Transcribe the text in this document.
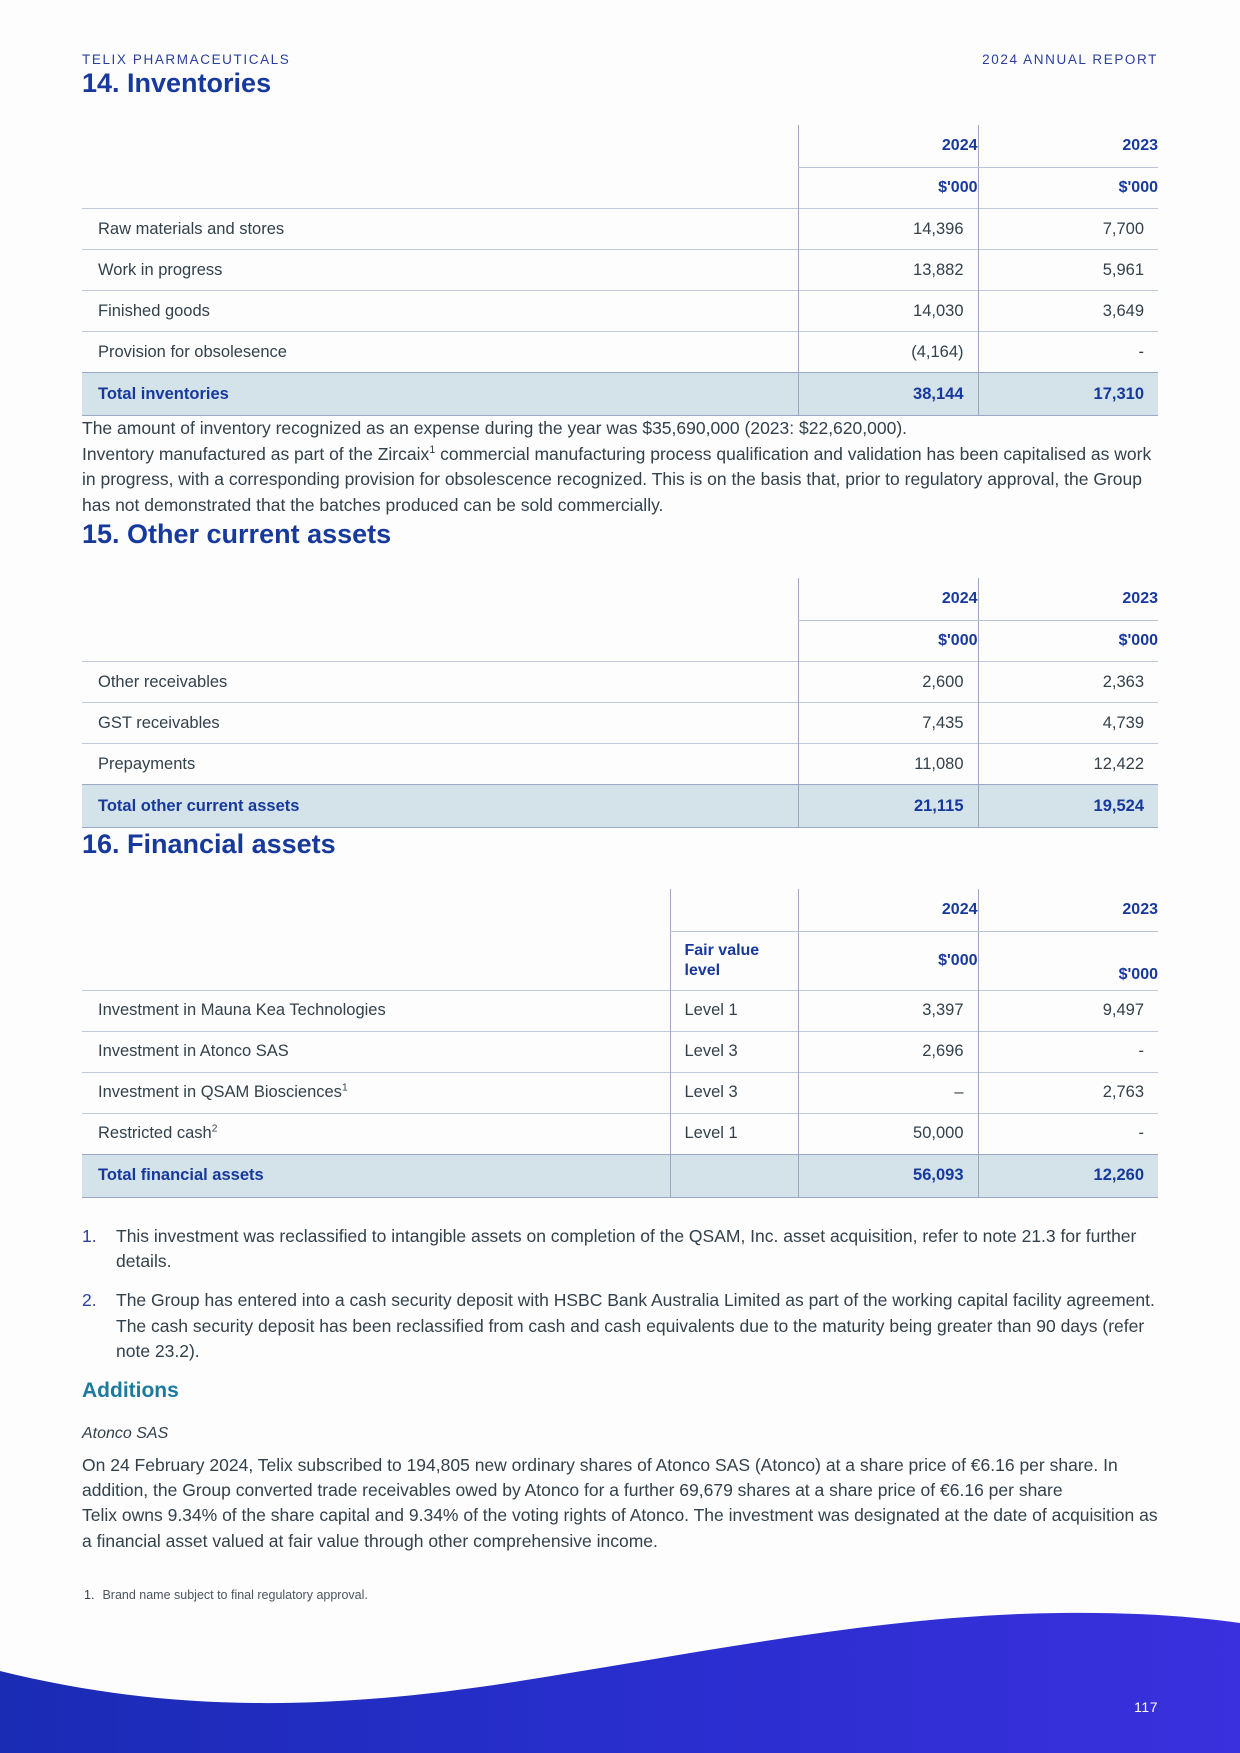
TELIX PHARMACEUTICALS	2024 ANNUAL REPORT
14. Inventories
	2024	2023
	$'000	$'000
Raw materials and stores	14,396	7,700
Work in progress	13,882	5,961
Finished goods	14,030	3,649
Provision for obsolesence	(4,164)	-
Total inventories	38,144	17,310

The amount of inventory recognized as an expense during the year was $35,690,000 (2023: $22,620,000).

Inventory manufactured as part of the Zircaix$^1$ commercial manufacturing process qualification and validation has been capitalised as work in progress, with a corresponding provision for obsolescence recognized. This is on the basis that, prior to regulatory approval, the Group has not demonstrated that the batches produced can be sold commercially.

15. Other current assets
	2024	2023
	$'000	$'000
Other receivables	2,600	2,363
GST receivables	7,435	4,739
Prepayments	11,080	12,422
Total other current assets	21,115	19,524
16. Financial assets
		2024	2023
	Fair value level	$'000	$'000
Investment in Mauna Kea Technologies	Level 1	3,397	9,497
Investment in Atonco SAS	Level 3	2,696	-
Investment in QSAM Biosciences$^1$	Level 3	–	2,763
Restricted cash$^2$	Level 1	50,000	-
Total financial assets		56,093	12,260
1. This investment was reclassified to intangible assets on completion of the QSAM, Inc. asset acquisition, refer to note 21.3 for further details.
2. The Group has entered into a cash security deposit with HSBC Bank Australia Limited as part of the working capital facility agreement. The cash security deposit has been reclassified from cash and cash equivalents due to the maturity being greater than 90 days (refer note 23.2).
Additions

Atonco SAS

On 24 February 2024, Telix subscribed to 194,805 new ordinary shares of Atonco SAS (Atonco) at a share price of €6.16 per share. In addition, the Group converted trade receivables owed by Atonco for a further 69,679 shares at a share price of €6.16 per share

Telix owns 9.34% of the share capital and 9.34% of the voting rights of Atonco. The investment was designated at the date of acquisition as a financial asset valued at fair value through other comprehensive income.

1. Brand name subject to final regulatory approval.

117
